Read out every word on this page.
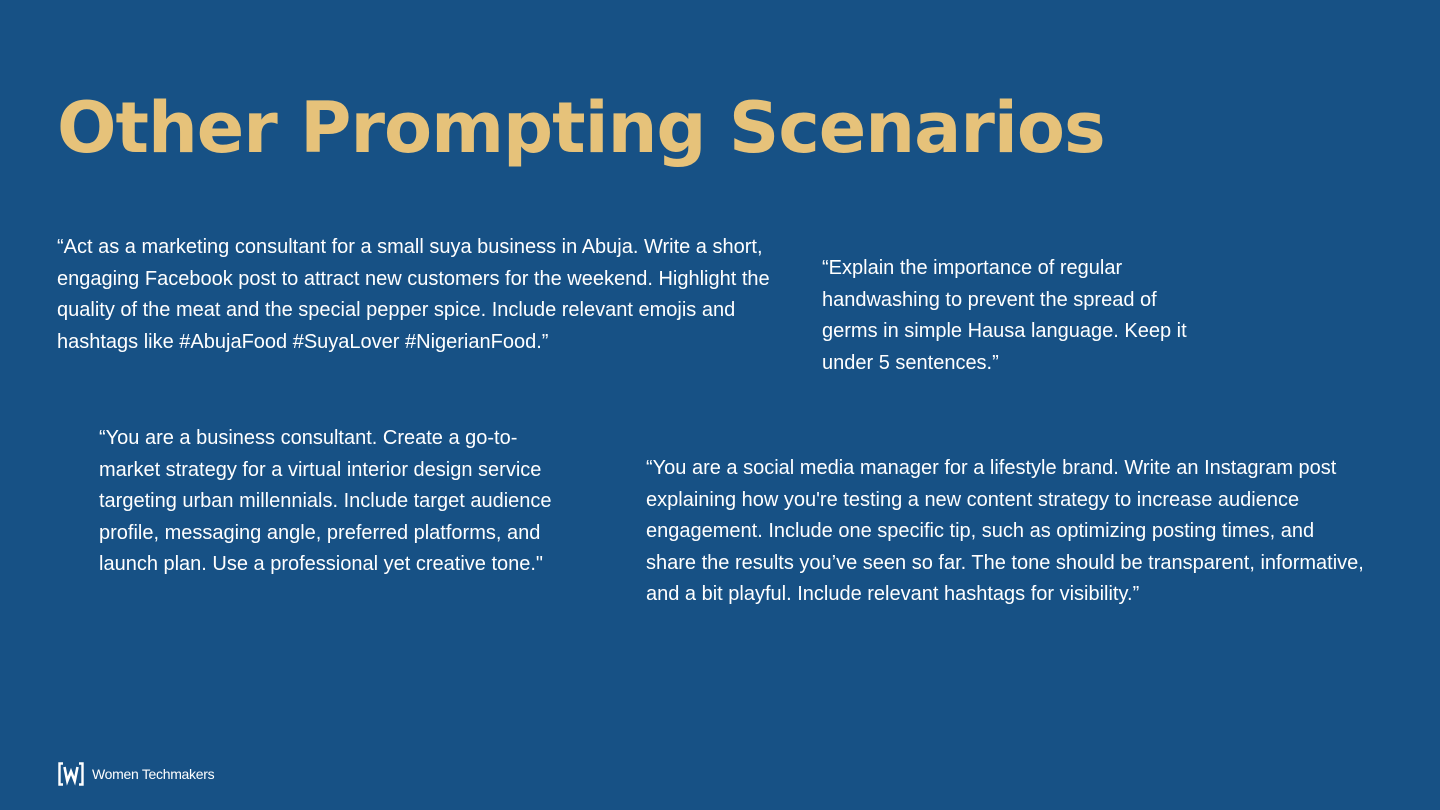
Other Prompting Scenarios

“Act as a marketing consultant for a small suya business in Abuja. Write a short, engaging Facebook post to attract new customers for the weekend. Highlight the quality of the meat and the special pepper spice. Include relevant emojis and hashtags like #AbujaFood #SuyaLover #NigerianFood.”

“Explain the importance of regular handwashing to prevent the spread of germs in simple Hausa language. Keep it under 5 sentences.”

“You are a business consultant. Create a go-to-market strategy for a virtual interior design service targeting urban millennials. Include target audience profile, messaging angle, preferred platforms, and launch plan. Use a professional yet creative tone."

“You are a social media manager for a lifestyle brand. Write an Instagram post explaining how you're testing a new content strategy to increase audience engagement. Include one specific tip, such as optimizing posting times, and share the results you’ve seen so far. The tone should be transparent, informative, and a bit playful. Include relevant hashtags for visibility.”

Women Techmakers
